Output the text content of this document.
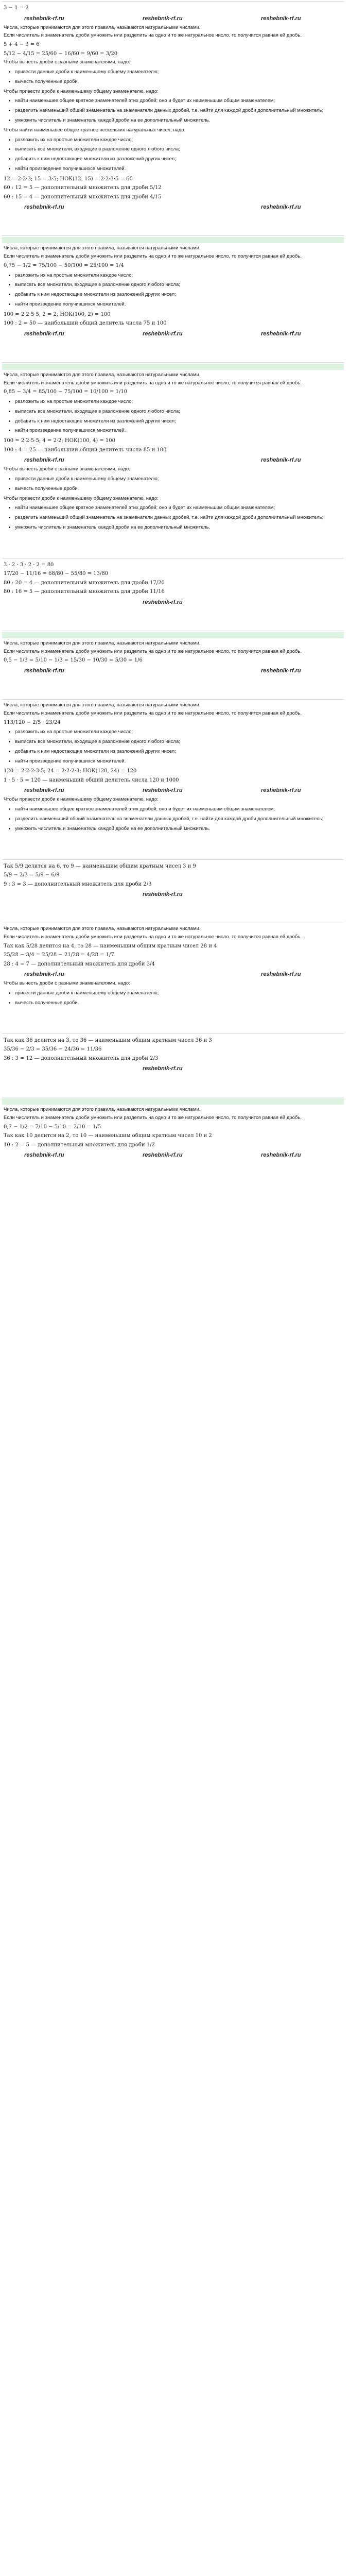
3 − 1 = 2
reshebnik-rf.ru	reshebnik-rf.ru	reshebnik-rf.ru

Числа, которые принимаются для этого правила, называются натуральными числами.

Если числитель и знаменатель дроби умножить или разделить на одно и то же натуральное число, то получится равная ей дробь.

5 + 4 − 3 = 6
5/12 − 4/15 = 25/60 − 16/60 = 9/60 = 3/20

Чтобы вычесть дроби с разными знаменателями, надо:

• привести данные дроби к наименьшему общему знаменателю;
• вычесть полученные дроби.

Чтобы привести дроби к наименьшему общему знаменателю, надо:

• найти наименьшее общее кратное знаменателей этих дробей; оно и будет их наименьшим общим знаменателем;
• разделить наименьший общий знаменатель на знаменатели данных дробей, т.е. найти для каждой дроби дополнительный множитель;
• умножить числитель и знаменатель каждой дроби на ее дополнительный множитель.

Чтобы найти наименьшее общее кратное нескольких натуральных чисел, надо:

• разложить их на простые множители каждое число;
• выписать все множители, входящие в разложение одного любого числа;
• добавить к ним недостающие множители из разложений других чисел;
• найти произведение получившихся множителей.
12 = 2·2·3; 15 = 3·5; НОК(12, 15) = 2·2·3·5 = 60
60 : 12 = 5 — дополнительный множитель для дроби 5/12
60 : 15 = 4 — дополнительный множитель для дроби 4/15
reshebnik-rf.ru	reshebnik-rf.ru

Числа, которые принимаются для этого правила, называются натуральными числами.

Если числитель и знаменатель дроби умножить или разделить на одно и то же натуральное число, то получится равная ей дробь.

0,75 − 1/2 = 75/100 − 50/100 = 25/100 = 1/4
• разложить их на простые множители каждое число;
• выписать все множители, входящие в разложение одного любого числа;
• добавить к ним недостающие множители из разложений других чисел;
• найти произведение получившихся множителей.
100 = 2·2·5·5; 2 = 2; НОК(100, 2) = 100
100 : 2 = 50 — наибольший общий делитель числа 75 и 100
reshebnik-rf.ru	reshebnik-rf.ru	reshebnik-rf.ru

Числа, которые принимаются для этого правила, называются натуральными числами.

Если числитель и знаменатель дроби умножить или разделить на одно и то же натуральное число, то получится равная ей дробь.

0,85 − 3/4 = 85/100 − 75/100 = 10/100 = 1/10
• разложить их на простые множители каждое число;
• выписать все множители, входящие в разложение одного любого числа;
• добавить к ним недостающие множители из разложений других чисел;
• найти произведение получившихся множителей.
100 = 2·2·5·5; 4 = 2·2; НОК(100, 4) = 100
100 : 4 = 25 — наибольший общий делитель числа 85 и 100
reshebnik-rf.ru	reshebnik-rf.ru

Чтобы вычесть дроби с разными знаменателями, надо:

• привести данные дроби к наименьшему общему знаменателю;
• вычесть полученные дроби.

Чтобы привести дроби к наименьшему общему знаменателю, надо:

• найти наименьшее общее кратное знаменателей этих дробей; оно и будет их наименьшим общим знаменателем;
• разделить наименьший общий знаменатель на знаменатели данных дробей, т.е. найти для каждой дроби дополнительный множитель;
• умножить числитель и знаменатель каждой дроби на ее дополнительный множитель.
3 · 2 · 3 · 2 · 2 = 80
17/20 − 11/16 = 68/80 − 55/80 = 13/80
80 : 20 = 4 — дополнительный множитель для дроби 17/20
80 : 16 = 5 — дополнительный множитель для дроби 11/16
reshebnik-rf.ru

Числа, которые принимаются для этого правила, называются натуральными числами.

Если числитель и знаменатель дроби умножить или разделить на одно и то же натуральное число, то получится равная ей дробь.

0,5 − 1/3 = 5/10 − 1/3 = 15/30 − 10/30 = 5/30 = 1/6
reshebnik-rf.ru	reshebnik-rf.ru

Числа, которые принимаются для этого правила, называются натуральными числами.

Если числитель и знаменатель дроби умножить или разделить на одно и то же натуральное число, то получится равная ей дробь.

113/120 − 2/5 · 23/24
• разложить их на простые множители каждое число;
• выписать все множители, входящие в разложение одного любого числа;
• добавить к ним недостающие множители из разложений других чисел;
• найти произведение получившихся множителей.
120 = 2·2·2·3·5; 24 = 2·2·2·3; НОК(120, 24) = 120
1 · 5 · 5 = 120 — наименьший общий делитель числа 120 и 1000
reshebnik-rf.ru	reshebnik-rf.ru	reshebnik-rf.ru

Чтобы привести дроби к наименьшему общему знаменателю, надо:

• найти наименьшее общее кратное знаменателей этих дробей; оно и будет их наименьшим общим знаменателем;
• разделить наименьший общий знаменатель на знаменатели данных дробей, т.е. найти для каждой дроби дополнительный множитель;
• умножить числитель и знаменатель каждой дроби на ее дополнительный множитель.
Так 5/9 делится на 6, то 9 — наименьшим общим кратным чисел 3 и 9
5/9 − 2/3 = 5/9 − 6/9
9 : 3 = 3 — дополнительный множитель для дроби 2/3
reshebnik-rf.ru

Числа, которые принимаются для этого правила, называются натуральными числами.

Если числитель и знаменатель дроби умножить или разделить на одно и то же натуральное число, то получится равная ей дробь.

Так как 5/28 делится на 4, то 28 — наименьшим общим кратным чисел 28 и 4
25/28 − 3/4 = 25/28 − 21/28 = 4/28 = 1/7
28 : 4 = 7 — дополнительный множитель для дроби 3/4
reshebnik-rf.ru	reshebnik-rf.ru

Чтобы вычесть дроби с разными знаменателями, надо:

• привести данные дроби к наименьшему общему знаменателю;
• вычесть полученные дроби.
Так как 36 делится на 3, то 36 — наименьшим общим кратным чисел 36 и 3
35/36 − 2/3 = 35/36 − 24/36 = 11/36
36 : 3 = 12 — дополнительный множитель для дроби 2/3
reshebnik-rf.ru

Числа, которые принимаются для этого правила, называются натуральными числами.

Если числитель и знаменатель дроби умножить или разделить на одно и то же натуральное число, то получится равная ей дробь.

0,7 − 1/2 = 7/10 − 5/10 = 2/10 = 1/5
Так как 10 делится на 2, то 10 — наименьшим общим кратным чисел 10 и 2
10 : 2 = 5 — дополнительный множитель для дроби 1/2
reshebnik-rf.ru	reshebnik-rf.ru	reshebnik-rf.ru
